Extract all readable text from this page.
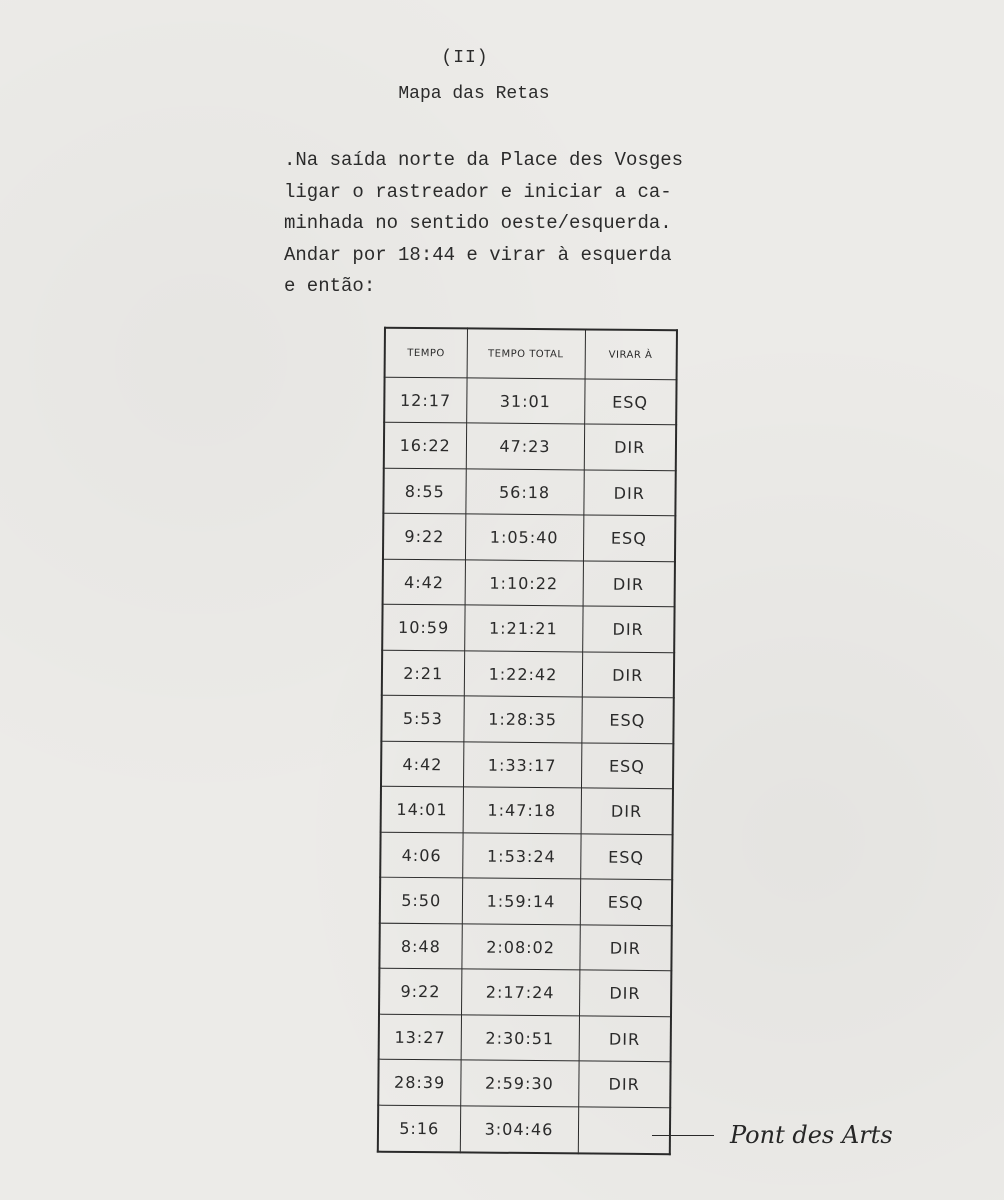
(II)
Mapa das Retas
.Na saída norte da Place des Vosges
ligar o rastreador e iniciar a ca-
minhada no sentido oeste/esquerda.
Andar por 18:44 e virar à esquerda
e então:
TEMPO	TEMPO TOTAL	VIRAR À
12:17	31:01	ESQ
16:22	47:23	DIR
8:55	56:18	DIR
9:22	1:05:40	ESQ
4:42	1:10:22	DIR
10:59	1:21:21	DIR
2:21	1:22:42	DIR
5:53	1:28:35	ESQ
4:42	1:33:17	ESQ
14:01	1:47:18	DIR
4:06	1:53:24	ESQ
5:50	1:59:14	ESQ
8:48	2:08:02	DIR
9:22	2:17:24	DIR
13:27	2:30:51	DIR
28:39	2:59:30	DIR
5:16	3:04:46		Pont des Arts
